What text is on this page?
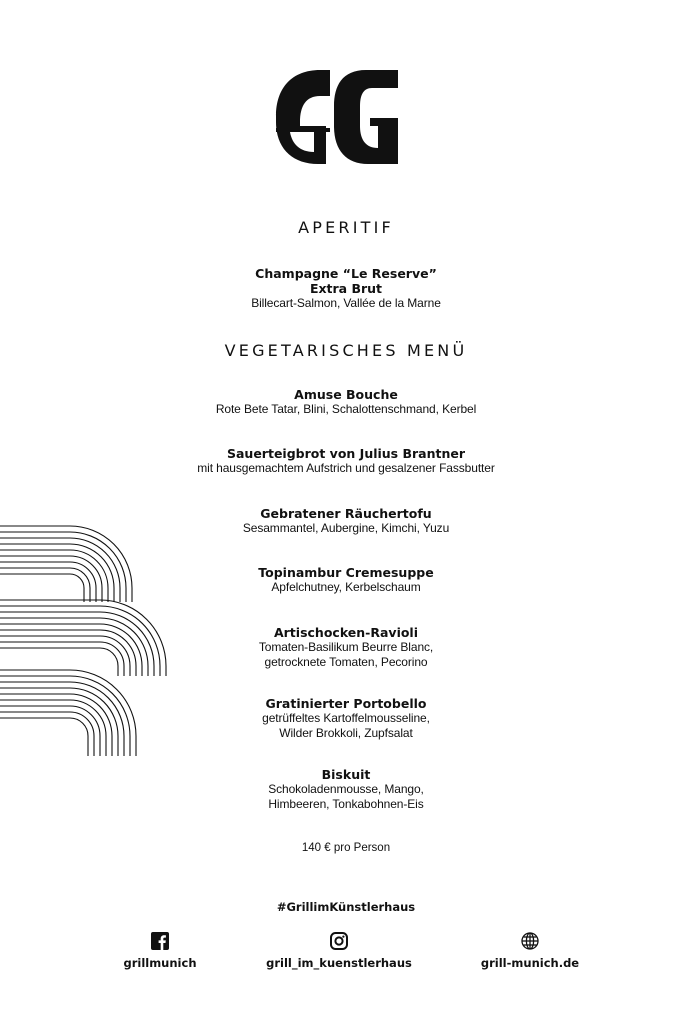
APERITIF
Champagne “Le Reserve”
Extra Brut
Billecart-Salmon, Vallée de la Marne
VEGETARISCHES MENÜ
Amuse Bouche
Rote Bete Tatar, Blini, Schalottenschmand, Kerbel
Sauerteigbrot von Julius Brantner
mit hausgemachtem Aufstrich und gesalzener Fassbutter
Gebratener Räuchertofu
Sesammantel, Aubergine, Kimchi, Yuzu
Topinambur Cremesuppe
Apfelchutney, Kerbelschaum
Artischocken-Ravioli
Tomaten-Basilikum Beurre Blanc,
getrocknete Tomaten, Pecorino
Gratinierter Portobello
getrüffeltes Kartoffelmousseline,
Wilder Brokkoli, Zupfsalat
Biskuit
Schokoladenmousse, Mango,
Himbeeren, Tonkabohnen-Eis
140 € pro Person
#GrillimKünstlerhaus
grillmunich	grill_im_kuenstlerhaus	grill-munich.de
